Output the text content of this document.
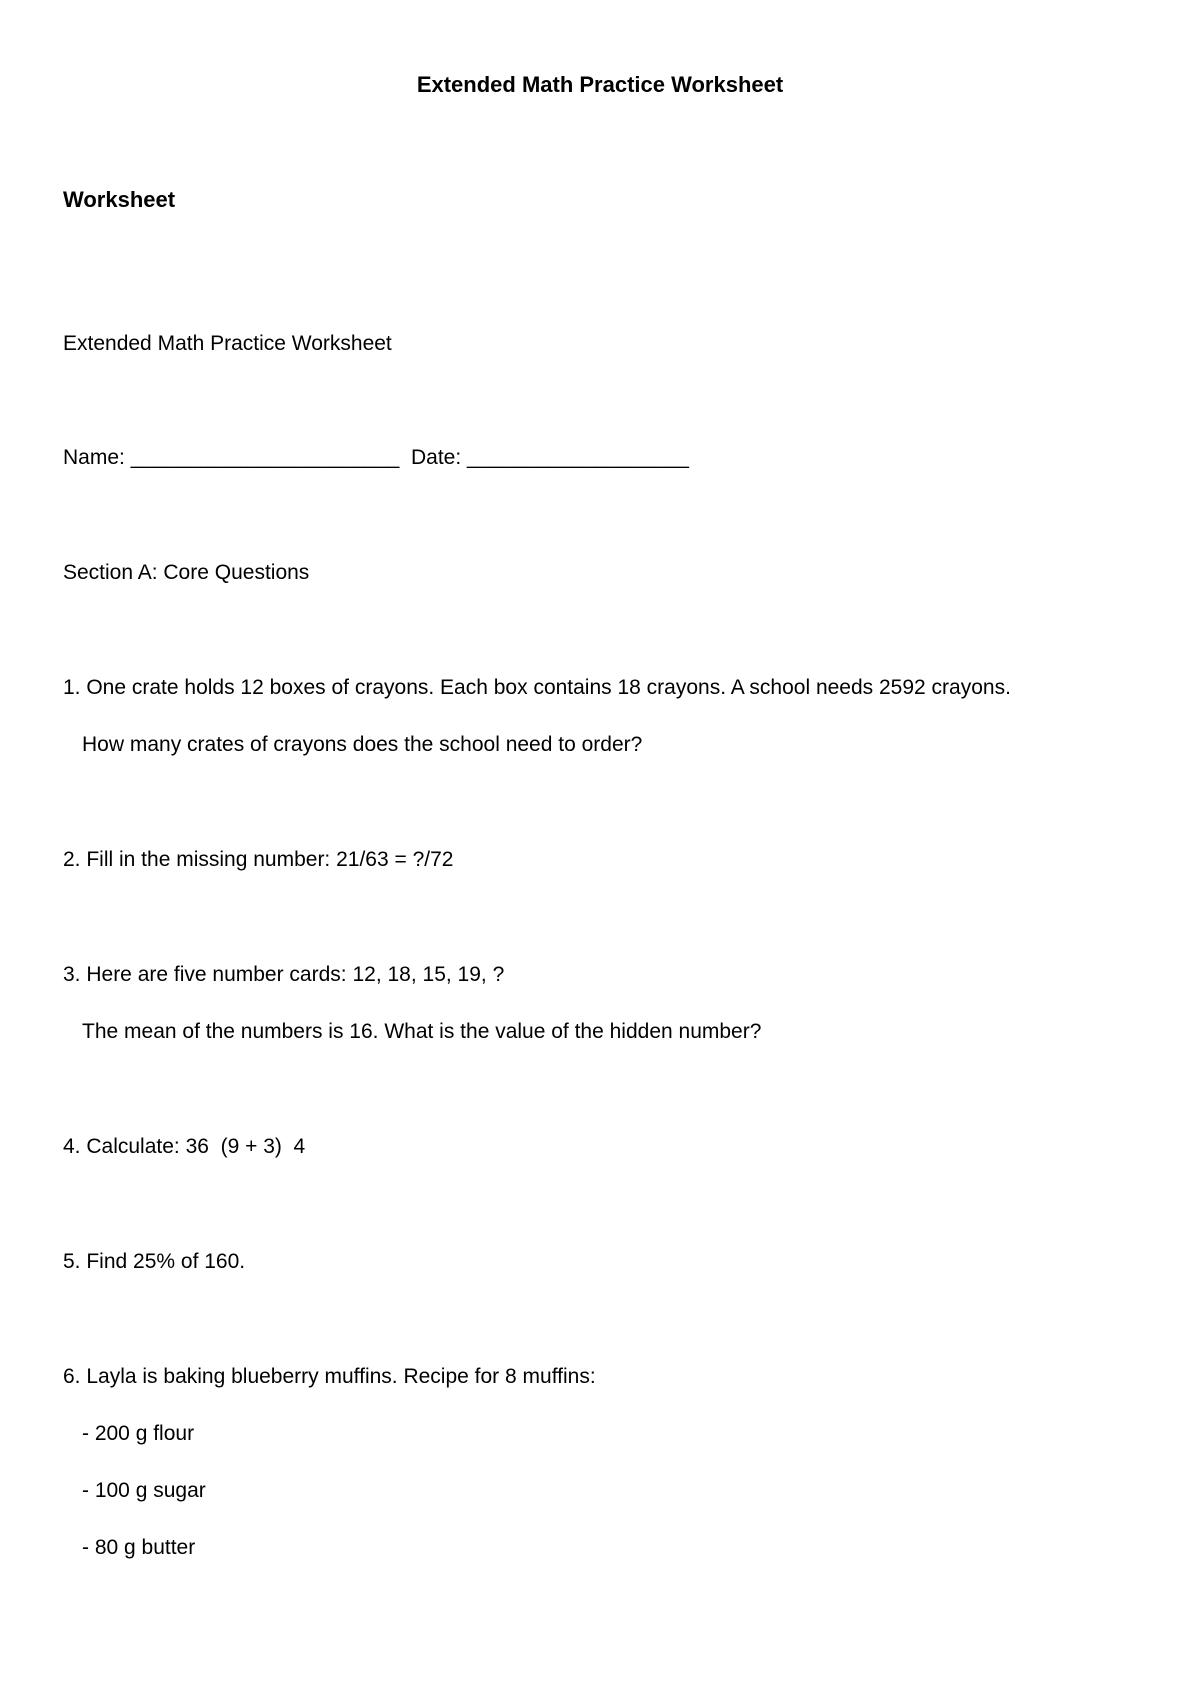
Extended Math Practice Worksheet
Worksheet
Extended Math Practice Worksheet
Name: _______________________ Date: ___________________
Section A: Core Questions
1. One crate holds 12 boxes of crayons. Each box contains 18 crayons. A school needs 2592 crayons.
How many crates of crayons does the school need to order?
2. Fill in the missing number: 21/63 = ?/72
3. Here are five number cards: 12, 18, 15, 19, ?
The mean of the numbers is 16. What is the value of the hidden number?
4. Calculate: 36  (9 + 3)  4
5. Find 25% of 160.
6. Layla is baking blueberry muffins. Recipe for 8 muffins:
- 200 g flour
- 100 g sugar
- 80 g butter
